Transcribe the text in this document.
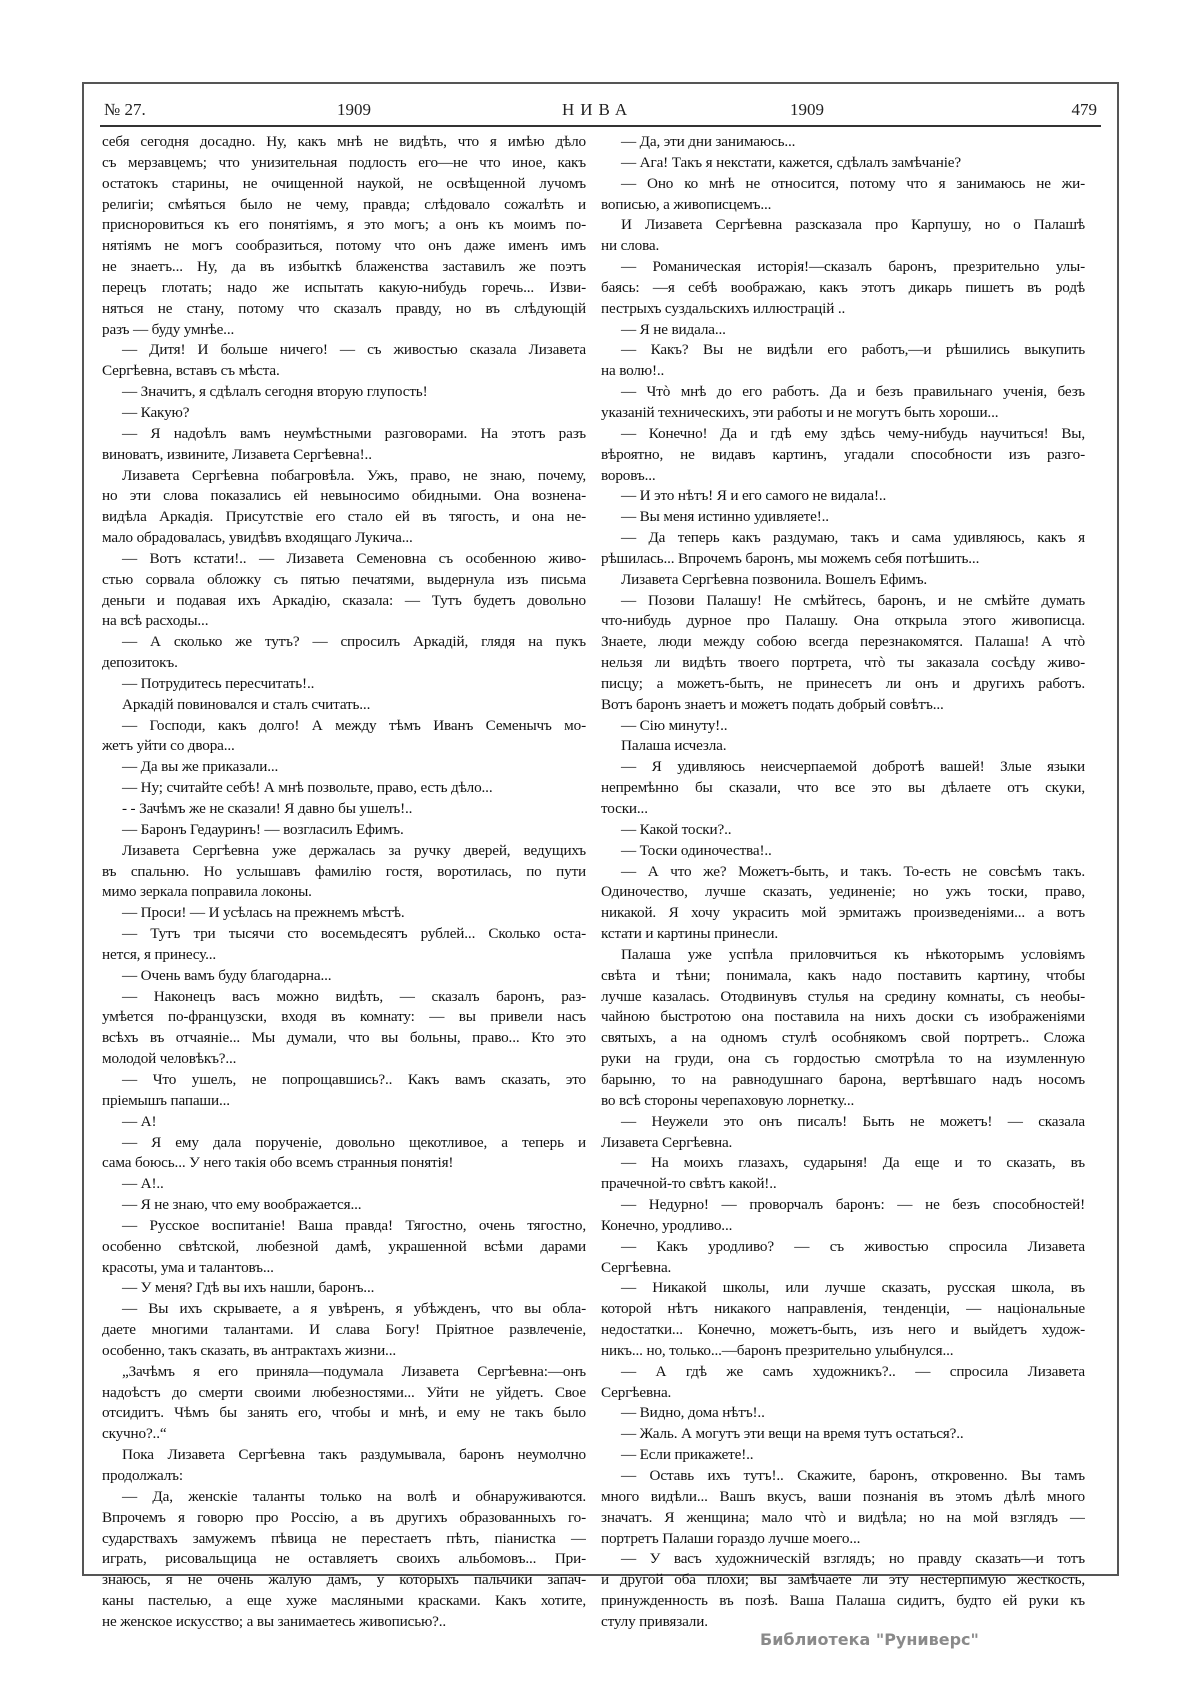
№ 27.	1909	НИВА	1909	479
себя сегодня досадно. Ну, какъ мнѣ не видѣть, что я имѣю дѣло
съ мерзавцемъ; что унизительная подлость его—не что иное, какъ
остатокъ старины, не очищенной наукой, не освѣщенной лучомъ
религіи; смѣяться было не чему, правда; слѣдовало сожалѣть и
присноровиться къ его понятіямъ, я это могъ; а онъ къ моимъ по-
нятіямъ не могъ сообразиться, потому что онъ даже именъ имъ
не знаетъ... Ну, да въ избыткѣ блаженства заставилъ же поэтъ
перецъ глотать; надо же испытать какую-нибудь горечь... Изви-
няться не стану, потому что сказалъ правду, но въ слѣдующій
разъ — буду умнѣе...
— Дитя! И больше ничего! — съ живостью сказала Лизавета
Сергѣевна, вставъ съ мѣста.
— Значитъ, я сдѣлалъ сегодня вторую глупость!
— Какую?
— Я надоѣлъ вамъ неумѣстными разговорами. На этотъ разъ
виноватъ, извините, Лизавета Сергѣевна!..
Лизавета Сергѣевна побагровѣла. Ужъ, право, не знаю, почему,
но эти слова показались ей невыносимо обидными. Она вознена-
видѣла Аркадія. Присутствіе его стало ей въ тягость, и она не-
мало обрадовалась, увидѣвъ входящаго Лукича...
— Вотъ кстати!.. — Лизавета Семеновна съ особенною живо-
стью сорвала обложку съ пятью печатями, выдернула изъ письма
деньги и подавая ихъ Аркадію, сказала: — Тутъ будетъ довольно
на всѣ расходы...
— А сколько же тутъ? — спросилъ Аркадій, глядя на пукъ
депозитокъ.
— Потрудитесь пересчитать!..
Аркадій повиновался и сталъ считать...
— Господи, какъ долго! А между тѣмъ Иванъ Семенычъ мо-
жетъ уйти со двора...
— Да вы же приказали...
— Ну; считайте себѣ! А мнѣ позвольте, право, есть дѣло...
- - Зачѣмъ же не сказали! Я давно бы ушелъ!..
— Баронъ Гедауринъ! — возгласилъ Ефимъ.
Лизавета Сергѣевна уже держалась за ручку дверей, ведущихъ
въ спальню. Но услышавъ фамилію гостя, воротилась, по пути
мимо зеркала поправила локоны.
— Проси! — И усѣлась на прежнемъ мѣстѣ.
— Тутъ три тысячи сто восемьдесятъ рублей... Сколько оста-
нется, я принесу...
— Очень вамъ буду благодарна...
— Наконецъ васъ можно видѣть, — сказалъ баронъ, раз-
умѣется по-французски, входя въ комнату: — вы привели насъ
всѣхъ въ отчаяніе... Мы думали, что вы больны, право... Кто это
молодой человѣкъ?...
— Что ушелъ, не попрощавшись?.. Какъ вамъ сказать, это
пріемышъ папаши...
— А!
— Я ему дала порученіе, довольно щекотливое, а теперь и
сама боюсь... У него такія обо всемъ странныя понятія!
— А!..
— Я не знаю, что ему воображается...
— Русское воспитаніе! Ваша правда! Тягостно, очень тягостно,
особенно свѣтской, любезной дамѣ, украшенной всѣми дарами
красоты, ума и талантовъ...
— У меня? Гдѣ вы ихъ нашли, баронъ...
— Вы ихъ скрываете, а я увѣренъ, я убѣжденъ, что вы обла-
даете многими талантами. И слава Богу! Пріятное развлеченіе,
особенно, такъ сказать, въ антрактахъ жизни...
„Зачѣмъ я его приняла—подумала Лизавета Сергѣевна:—онъ
надоѣстъ до смерти своими любезностями... Уйти не уйдетъ. Свое
отсидитъ. Чѣмъ бы занять его, чтобы и мнѣ, и ему не такъ было
скучно?..“
Пока Лизавета Сергѣевна такъ раздумывала, баронъ неумолчно
продолжалъ:
— Да, женскіе таланты только на волѣ и обнаруживаются.
Впрочемъ я говорю про Россію, а въ другихъ образованныхъ го-
сударствахъ замужемъ пѣвица не перестаетъ пѣть, піанистка —
играть, рисовальщица не оставляетъ своихъ альбомовъ... При-
знаюсь, я не очень жалую дамъ, у которыхъ пальчики запач-
каны пастелью, а еще хуже масляными красками. Какъ хотите,
не женское искусство; а вы занимаетесь живописью?..
— Да, эти дни занимаюсь...
— Ага! Такъ я некстати, кажется, сдѣлалъ замѣчаніе?
— Оно ко мнѣ не относится, потому что я занимаюсь не жи-
вописью, а живописцемъ...
И Лизавета Сергѣевна разсказала про Карпушу, но о Палашѣ
ни слова.
— Романическая исторія!—сказалъ баронъ, презрительно улы-
баясь: —я себѣ воображаю, какъ этотъ дикарь пишетъ въ родѣ
пестрыхъ суздальскихъ иллюстрацій ..
— Я не видала...
— Какъ? Вы не видѣли его работъ,—и рѣшились выкупить
на волю!..
— Чтò мнѣ до его работъ. Да и безъ правильнаго ученія, безъ
указаній техническихъ, эти работы и не могутъ быть хороши...
— Конечно! Да и гдѣ ему здѣсь чему-нибудь научиться! Вы,
вѣроятно, не видавъ картинъ, угадали способности изъ разго-
воровъ...
— И это нѣтъ! Я и его самого не видала!..
— Вы меня истинно удивляете!..
— Да теперь какъ раздумаю, такъ и сама удивляюсь, какъ я
рѣшилась... Впрочемъ баронъ, мы можемъ себя потѣшить...
Лизавета Сергѣевна позвонила. Вошелъ Ефимъ.
— Позови Палашу! Не смѣйтесь, баронъ, и не смѣйте думать
что-нибудь дурное про Палашу. Она открыла этого живописца.
Знаете, люди между собою всегда перезнакомятся. Палаша! А чтò
нельзя ли видѣть твоего портрета, чтò ты заказала сосѣду живо-
писцу; а можетъ-быть, не принесетъ ли онъ и другихъ работъ.
Вотъ баронъ знаетъ и можетъ подать добрый совѣтъ...
— Сію минуту!..
Палаша исчезла.
— Я удивляюсь неисчерпаемой добротѣ вашей! Злые языки
непремѣнно бы сказали, что все это вы дѣлаете отъ скуки,
тоски...
— Какой тоски?..
— Тоски одиночества!..
— А что же? Можетъ-быть, и такъ. То-есть не совсѣмъ такъ.
Одиночество, лучше сказать, уединеніе; но ужъ тоски, право,
никакой. Я хочу украсить мой эрмитажъ произведеніями... а вотъ
кстати и картины принесли.
Палаша уже успѣла приловчиться къ нѣкоторымъ условіямъ
свѣта и тѣни; понимала, какъ надо поставить картину, чтобы
лучше казалась. Отодвинувъ стулья на средину комнаты, съ необы-
чайною быстротою она поставила на нихъ доски съ изображеніями
святыхъ, а на одномъ стулѣ особнякомъ свой портретъ.. Сложа
руки на груди, она съ гордостью смотрѣла то на изумленную
барыню, то на равнодушнаго барона, вертѣвшаго надъ носомъ
во всѣ стороны черепаховую лорнетку...
— Неужели это онъ писалъ! Быть не можетъ! — сказала
Лизавета Сергѣевна.
— На моихъ глазахъ, сударыня! Да еще и то сказать, въ
прачечной-то свѣтъ какой!..
— Недурно! — проворчалъ баронъ: — не безъ способностей!
Конечно, уродливо...
— Какъ уродливо? — съ живостью спросила Лизавета
Сергѣевна.
— Никакой школы, или лучше сказать, русская школа, въ
которой нѣтъ никакого направленія, тенденціи, — національные
недостатки... Конечно, можетъ-быть, изъ него и выйдетъ худож-
никъ... но, только...—баронъ презрительно улыбнулся...
— А гдѣ же самъ художникъ?.. — спросила Лизавета
Сергѣевна.
— Видно, дома нѣтъ!..
— Жаль. А могутъ эти вещи на время тутъ остаться?..
— Если прикажете!..
— Оставь ихъ тутъ!.. Скажите, баронъ, откровенно. Вы тамъ
много видѣли... Вашъ вкусъ, ваши познанія въ этомъ дѣлѣ много
значатъ. Я женщина; мало чтò и видѣла; но на мой взглядъ —
портретъ Палаши гораздо лучше моего...
— У васъ художническій взглядъ; но правду сказать—и тотъ
и другой оба плохи; вы замѣчаете ли эту нестерпимую жесткость,
принужденность въ позѣ. Ваша Палаша сидитъ, будто ей руки къ
стулу привязали.
Библиотека "Руниверс"
